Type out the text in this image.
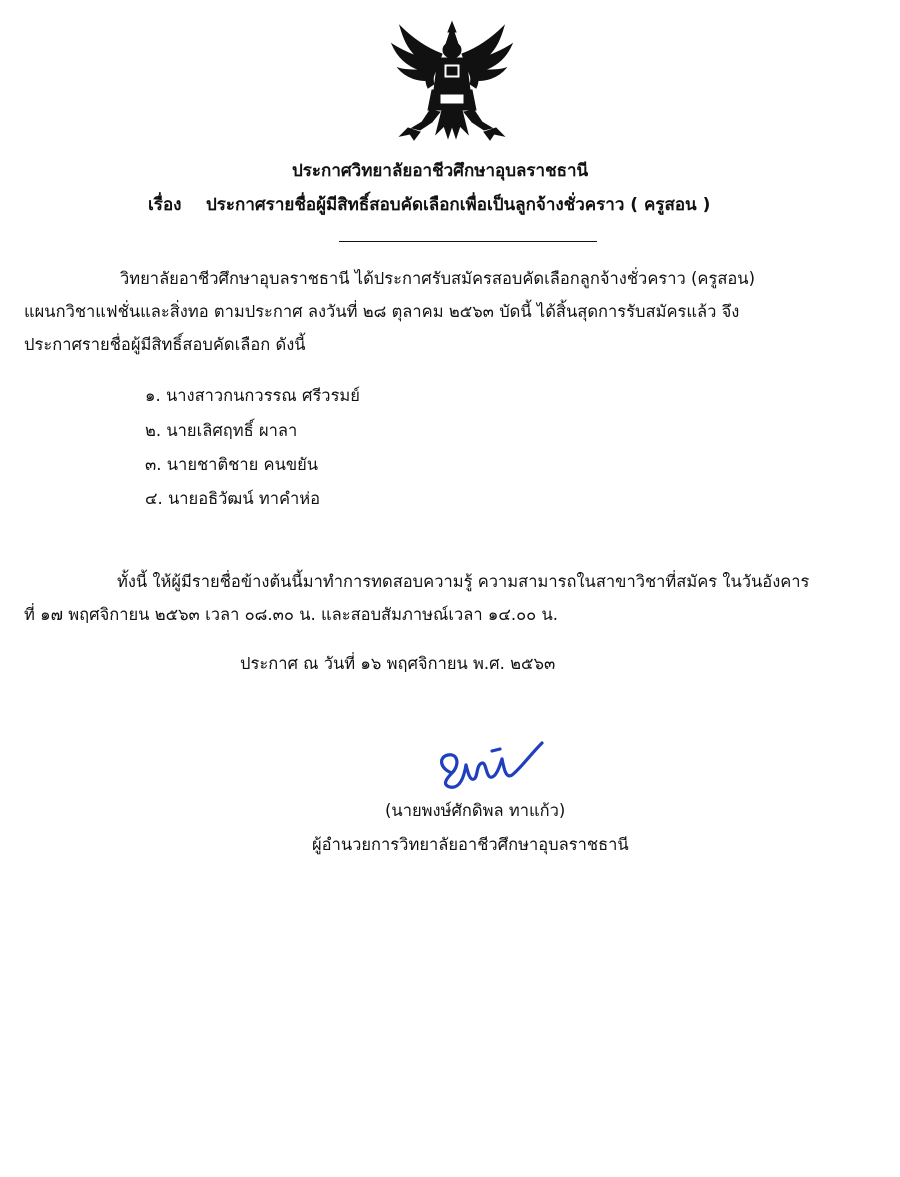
ประกาศวิทยาลัยอาชีวศึกษาอุบลราชธานี
เรื่อง ประกาศรายชื่อผู้มีสิทธิ์สอบคัดเลือกเพื่อเป็นลูกจ้างชั่วคราว ( ครูสอน )
วิทยาลัยอาชีวศึกษาอุบลราชธานี ได้ประกาศรับสมัครสอบคัดเลือกลูกจ้างชั่วคราว (ครูสอน)
แผนกวิชาแฟชั่นและสิ่งทอ ตามประกาศ ลงวันที่ ๒๘ ตุลาคม ๒๕๖๓ บัดนี้ ได้สิ้นสุดการรับสมัครแล้ว จึง
ประกาศรายชื่อผู้มีสิทธิ์สอบคัดเลือก ดังนี้
๑. นางสาวกนกวรรณ ศรีวรมย์
๒. นายเลิศฤทธิ์ ผาลา
๓. นายชาติชาย คนขยัน
๔. นายอธิวัฒน์ ทาคำห่อ
ทั้งนี้ ให้ผู้มีรายชื่อข้างต้นนี้มาทำการทดสอบความรู้ ความสามารถในสาขาวิชาที่สมัคร ในวันอังคาร
ที่ ๑๗ พฤศจิกายน ๒๕๖๓ เวลา ๐๘.๓๐ น. และสอบสัมภาษณ์เวลา ๑๔.๐๐ น.
ประกาศ ณ วันที่ ๑๖ พฤศจิกายน พ.ศ. ๒๕๖๓
(นายพงษ์ศักดิพล ทาแก้ว)
ผู้อำนวยการวิทยาลัยอาชีวศึกษาอุบลราชธานี
